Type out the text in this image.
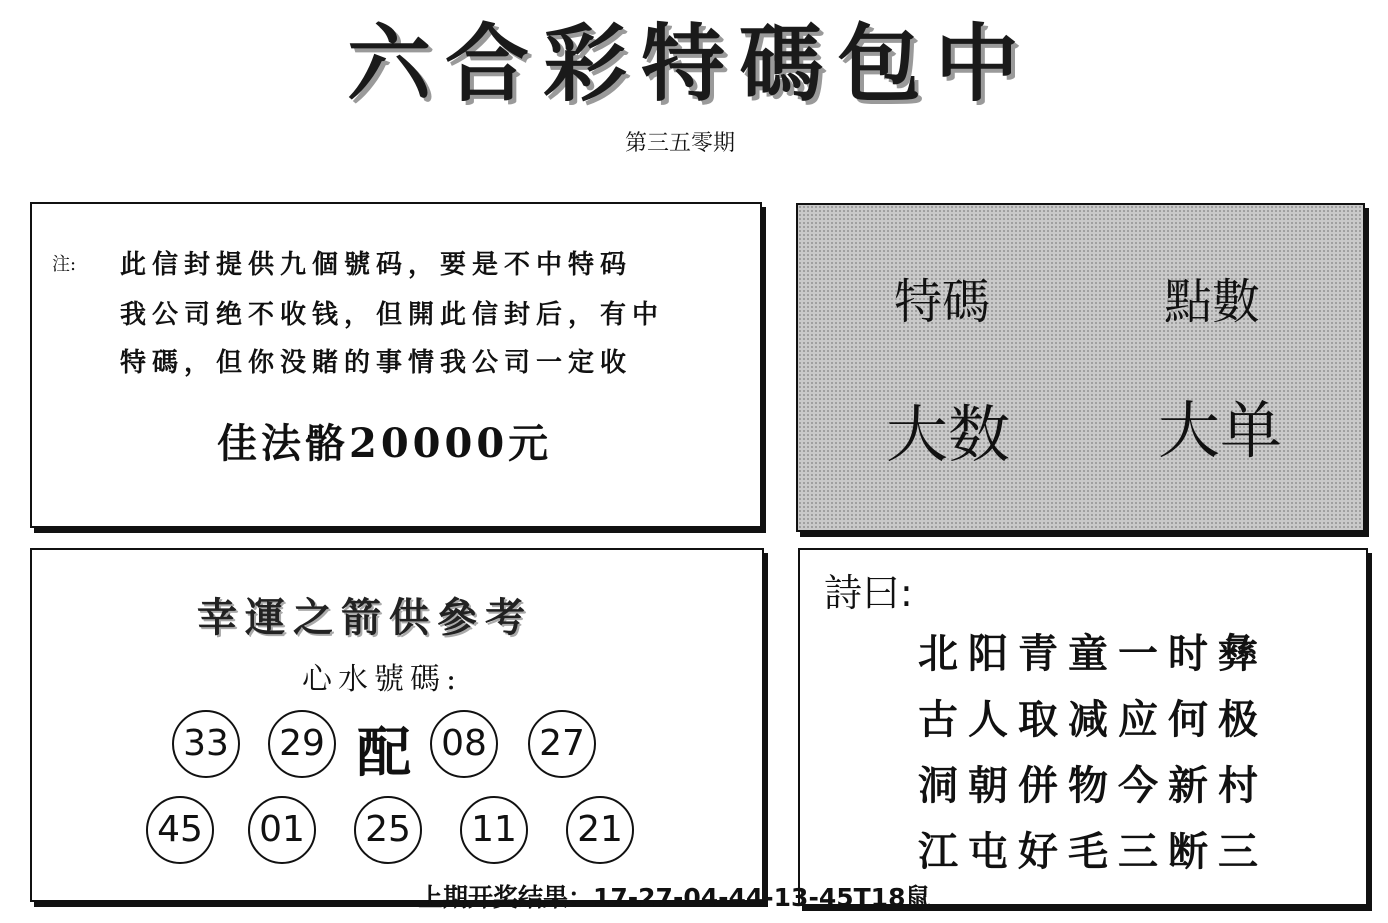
六合彩特碼包中
第三五零期
注: 此信封提供九個號码，要是不中特码
我公司绝不收钱，但開此信封后，有中
特碼，但你没賭的事情我公司一定收
佳法骼20000元
特碼	點數
大数 大单
幸運之箭供參考
心水號碼:
33	29 配 08	27
45	01	25	11	21
詩曰:
北阳青童一时彝
古人取减应何极
洞朝併物今新村
江屯好毛三断三
上期开奖结果：17-27-04-44-13-45T18鼠
